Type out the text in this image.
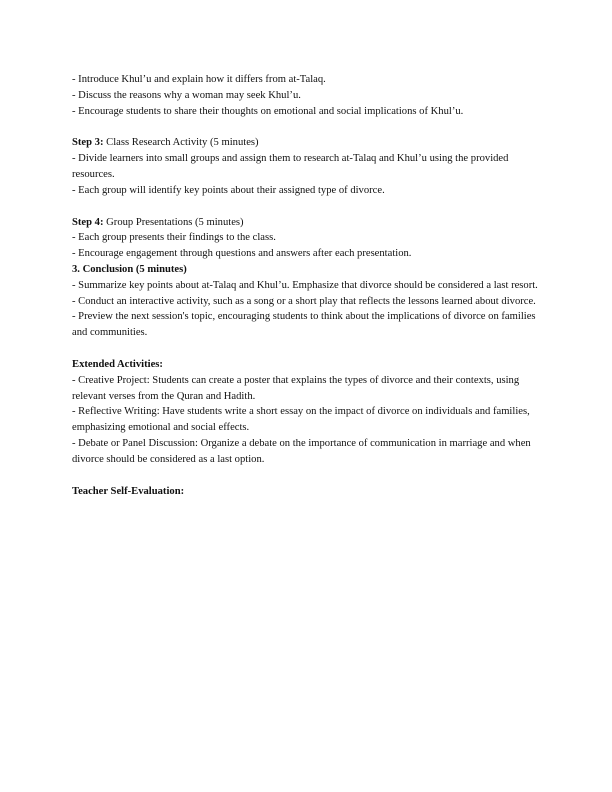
- Introduce Khul’u and explain how it differs from at-Talaq.
- Discuss the reasons why a woman may seek Khul’u.
- Encourage students to share their thoughts on emotional and social implications of Khul’u.
Step 3: Class Research Activity (5 minutes)
- Divide learners into small groups and assign them to research at-Talaq and Khul’u using the provided resources.
- Each group will identify key points about their assigned type of divorce.
Step 4: Group Presentations (5 minutes)
- Each group presents their findings to the class.
- Encourage engagement through questions and answers after each presentation.
3. Conclusion (5 minutes)
- Summarize key points about at-Talaq and Khul’u. Emphasize that divorce should be considered a last resort.
- Conduct an interactive activity, such as a song or a short play that reflects the lessons learned about divorce.
- Preview the next session's topic, encouraging students to think about the implications of divorce on families and communities.
Extended Activities:
- Creative Project: Students can create a poster that explains the types of divorce and their contexts, using relevant verses from the Quran and Hadith.
- Reflective Writing: Have students write a short essay on the impact of divorce on individuals and families, emphasizing emotional and social effects.
- Debate or Panel Discussion: Organize a debate on the importance of communication in marriage and when divorce should be considered as a last option.
Teacher Self-Evaluation:
